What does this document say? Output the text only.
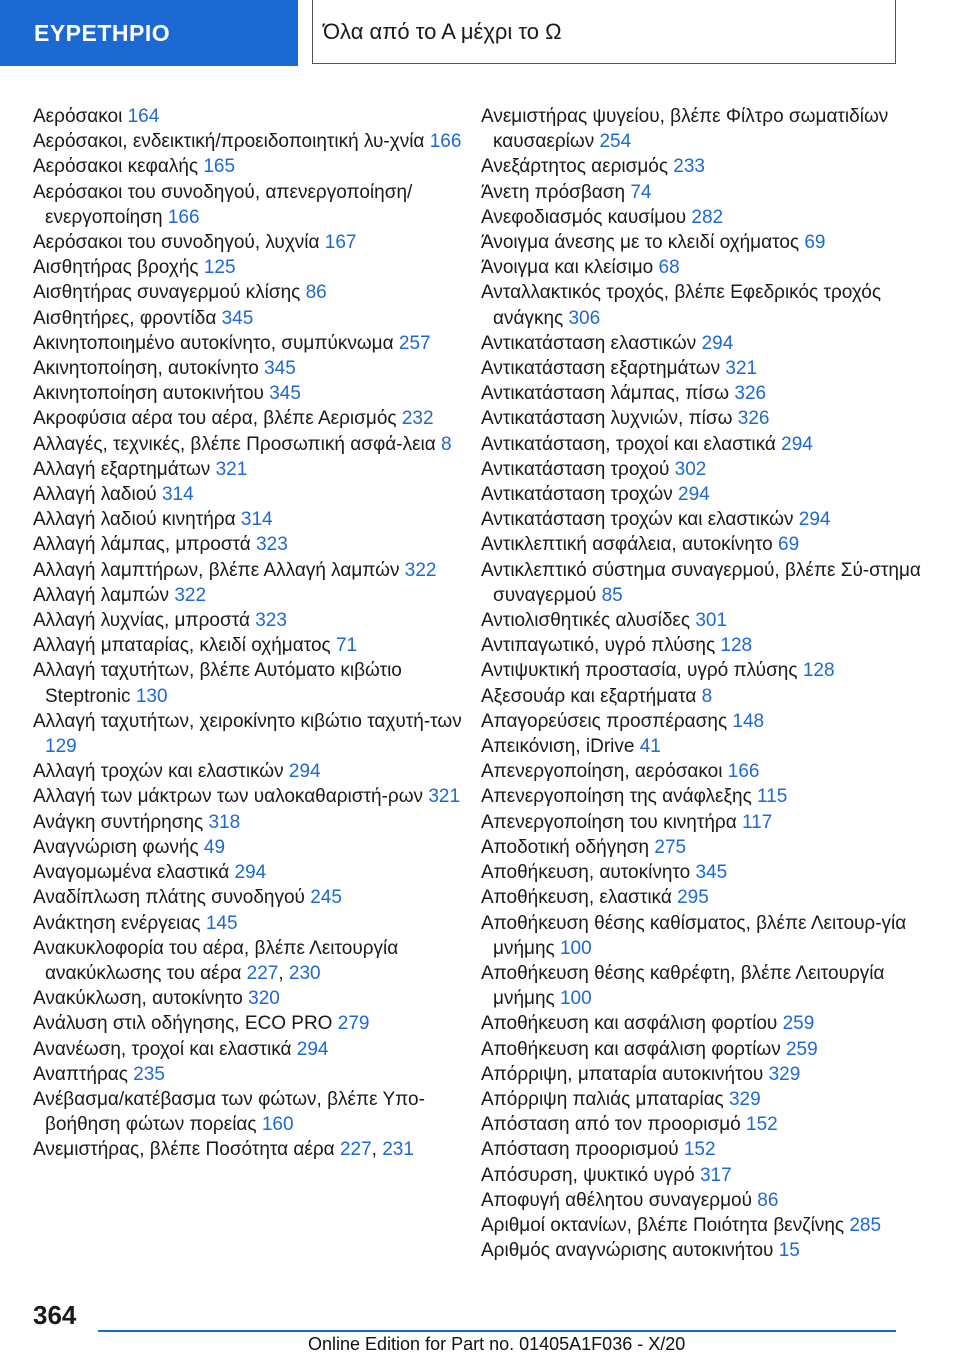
ΕΥΡΕΤΗΡΙΟ	Όλα από το Α μέχρι το Ω
Αερόσακοι 164
Αερόσακοι, ενδεικτική/προειδοποιητική λυ‐χνία 166
Αερόσακοι κεφαλής 165
Αερόσακοι του συνοδηγού, απενεργοποίηση/ενεργοποίηση 166
Αερόσακοι του συνοδηγού, λυχνία 167
Αισθητήρας βροχής 125
Αισθητήρας συναγερμού κλίσης 86
Αισθητήρες, φροντίδα 345
Ακινητοποιημένο αυτοκίνητο, συμπύκνωμα 257
Ακινητοποίηση, αυτοκίνητο 345
Ακινητοποίηση αυτοκινήτου 345
Ακροφύσια αέρα του αέρα, βλέπε Αερισμός 232
Αλλαγές, τεχνικές, βλέπε Προσωπική ασφά‐λεια 8
Αλλαγή εξαρτημάτων 321
Αλλαγή λαδιού 314
Αλλαγή λαδιού κινητήρα 314
Αλλαγή λάμπας, μπροστά 323
Αλλαγή λαμπτήρων, βλέπε Αλλαγή λαμπών 322
Αλλαγή λαμπών 322
Αλλαγή λυχνίας, μπροστά 323
Αλλαγή μπαταρίας, κλειδί οχήματος 71
Αλλαγή ταχυτήτων, βλέπε Αυτόματο κιβώτιο Steptronic 130
Αλλαγή ταχυτήτων, χειροκίνητο κιβώτιο ταχυτή‐των 129
Αλλαγή τροχών και ελαστικών 294
Αλλαγή των μάκτρων των υαλοκαθαριστή‐ρων 321
Ανάγκη συντήρησης 318
Αναγνώριση φωνής 49
Αναγομωμένα ελαστικά 294
Αναδίπλωση πλάτης συνοδηγού 245
Ανάκτηση ενέργειας 145
Ανακυκλοφορία του αέρα, βλέπε Λειτουργία ανακύκλωσης του αέρα 227, 230
Ανακύκλωση, αυτοκίνητο 320
Ανάλυση στιλ οδήγησης, ECO PRO 279
Ανανέωση, τροχοί και ελαστικά 294
Αναπτήρας 235
Ανέβασμα/κατέβασμα των φώτων, βλέπε Υπο‐βοήθηση φώτων πορείας 160
Ανεμιστήρας, βλέπε Ποσότητα αέρα 227, 231
Ανεμιστήρας ψυγείου, βλέπε Φίλτρο σωματιδίων καυσαερίων 254
Ανεξάρτητος αερισμός 233
Άνετη πρόσβαση 74
Ανεφοδιασμός καυσίμου 282
Άνοιγμα άνεσης με το κλειδί οχήματος 69
Άνοιγμα και κλείσιμο 68
Ανταλλακτικός τροχός, βλέπε Εφεδρικός τροχός ανάγκης 306
Αντικατάσταση ελαστικών 294
Αντικατάσταση εξαρτημάτων 321
Αντικατάσταση λάμπας, πίσω 326
Αντικατάσταση λυχνιών, πίσω 326
Αντικατάσταση, τροχοί και ελαστικά 294
Αντικατάσταση τροχού 302
Αντικατάσταση τροχών 294
Αντικατάσταση τροχών και ελαστικών 294
Αντικλεπτική ασφάλεια, αυτοκίνητο 69
Αντικλεπτικό σύστημα συναγερμού, βλέπε Σύ‐στημα συναγερμού 85
Αντιολισθητικές αλυσίδες 301
Αντιπαγωτικό, υγρό πλύσης 128
Αντιψυκτική προστασία, υγρό πλύσης 128
Αξεσουάρ και εξαρτήματα 8
Απαγορεύσεις προσπέρασης 148
Απεικόνιση, iDrive 41
Απενεργοποίηση, αερόσακοι 166
Απενεργοποίηση της ανάφλεξης 115
Απενεργοποίηση του κινητήρα 117
Αποδοτική οδήγηση 275
Αποθήκευση, αυτοκίνητο 345
Αποθήκευση, ελαστικά 295
Αποθήκευση θέσης καθίσματος, βλέπε Λειτουρ‐γία μνήμης 100
Αποθήκευση θέσης καθρέφτη, βλέπε Λειτουργία μνήμης 100
Αποθήκευση και ασφάλιση φορτίου 259
Αποθήκευση και ασφάλιση φορτίων 259
Απόρριψη, μπαταρία αυτοκινήτου 329
Απόρριψη παλιάς μπαταρίας 329
Απόσταση από τον προορισμό 152
Απόσταση προορισμού 152
Απόσυρση, ψυκτικό υγρό 317
Αποφυγή αθέλητου συναγερμού 86
Αριθμοί οκτανίων, βλέπε Ποιότητα βενζίνης 285
Αριθμός αναγνώρισης αυτοκινήτου 15
364
Online Edition for Part no. 01405A1F036 - X/20
